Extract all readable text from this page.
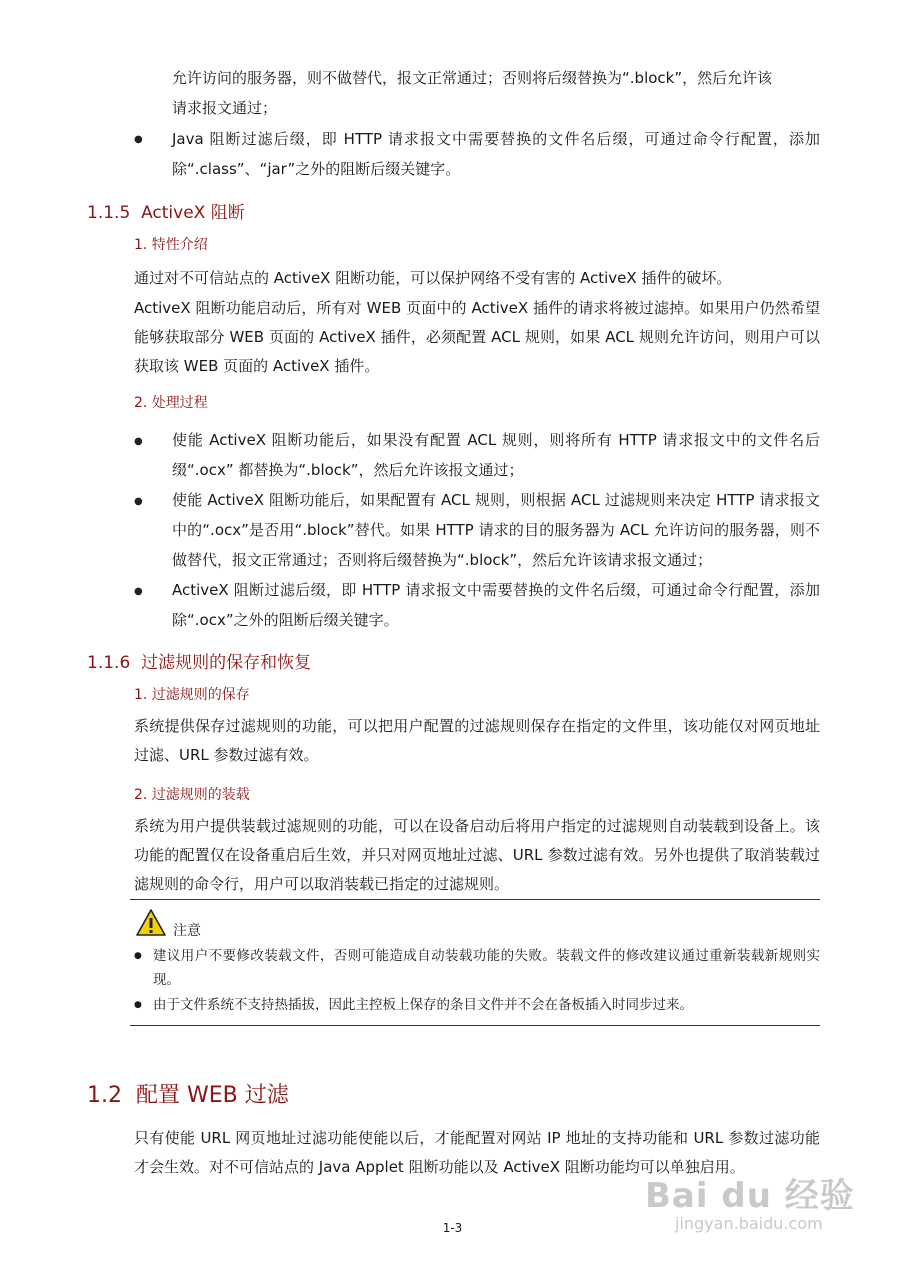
允许访问的服务器，则不做替代，报文正常通过；否则将后缀替换为“.block”，然后允许该

请求报文通过；

● Java 阻断过滤后缀，即 HTTP 请求报文中需要替换的文件名后缀，可通过命令行配置，添加除“.class”、“jar”之外的阻断后缀关键字。

1.1.5 ActiveX 阻断
1. 特性介绍

通过对不可信站点的 ActiveX 阻断功能，可以保护网络不受有害的 ActiveX 插件的破坏。

ActiveX 阻断功能启动后，所有对 WEB 页面中的 ActiveX 插件的请求将被过滤掉。如果用户仍然希望能够获取部分 WEB 页面的 ActiveX 插件，必须配置 ACL 规则，如果 ACL 规则允许访问，则用户可以获取该 WEB 页面的 ActiveX 插件。

2. 处理过程
● 使能 ActiveX 阻断功能后，如果没有配置 ACL 规则，则将所有 HTTP 请求报文中的文件名后缀“.ocx” 都替换为“.block”，然后允许该报文通过；

● 使能 ActiveX 阻断功能后，如果配置有 ACL 规则，则根据 ACL 过滤规则来决定 HTTP 请求报文中的“.ocx”是否用“.block”替代。如果 HTTP 请求的目的服务器为 ACL 允许访问的服务器，则不做替代，报文正常通过；否则将后缀替换为“.block”，然后允许该请求报文通过；

● ActiveX 阻断过滤后缀，即 HTTP 请求报文中需要替换的文件名后缀，可通过命令行配置，添加除“.ocx”之外的阻断后缀关键字。

1.1.6 过滤规则的保存和恢复
1. 过滤规则的保存

系统提供保存过滤规则的功能，可以把用户配置的过滤规则保存在指定的文件里，该功能仅对网页地址过滤、URL 参数过滤有效。

2. 过滤规则的装载

系统为用户提供装载过滤规则的功能，可以在设备启动后将用户指定的过滤规则自动装载到设备上。该功能的配置仅在设备重启后生效，并只对网页地址过滤、URL 参数过滤有效。另外也提供了取消装载过滤规则的命令行，用户可以取消装载已指定的过滤规则。

注意
● 建议用户不要修改装载文件，否则可能造成自动装载功能的失败。装载文件的修改建议通过重新装载新规则实现。

● 由于文件系统不支持热插拔，因此主控板上保存的条目文件并不会在备板插入时同步过来。

1.2 配置 WEB 过滤

只有使能 URL 网页地址过滤功能使能以后，才能配置对网站 IP 地址的支持功能和 URL 参数过滤功能才会生效。对不可信站点的 Java Applet 阻断功能以及 ActiveX 阻断功能均可以单独启用。

1-3
Bai du 经验
jingyan.baidu.com
